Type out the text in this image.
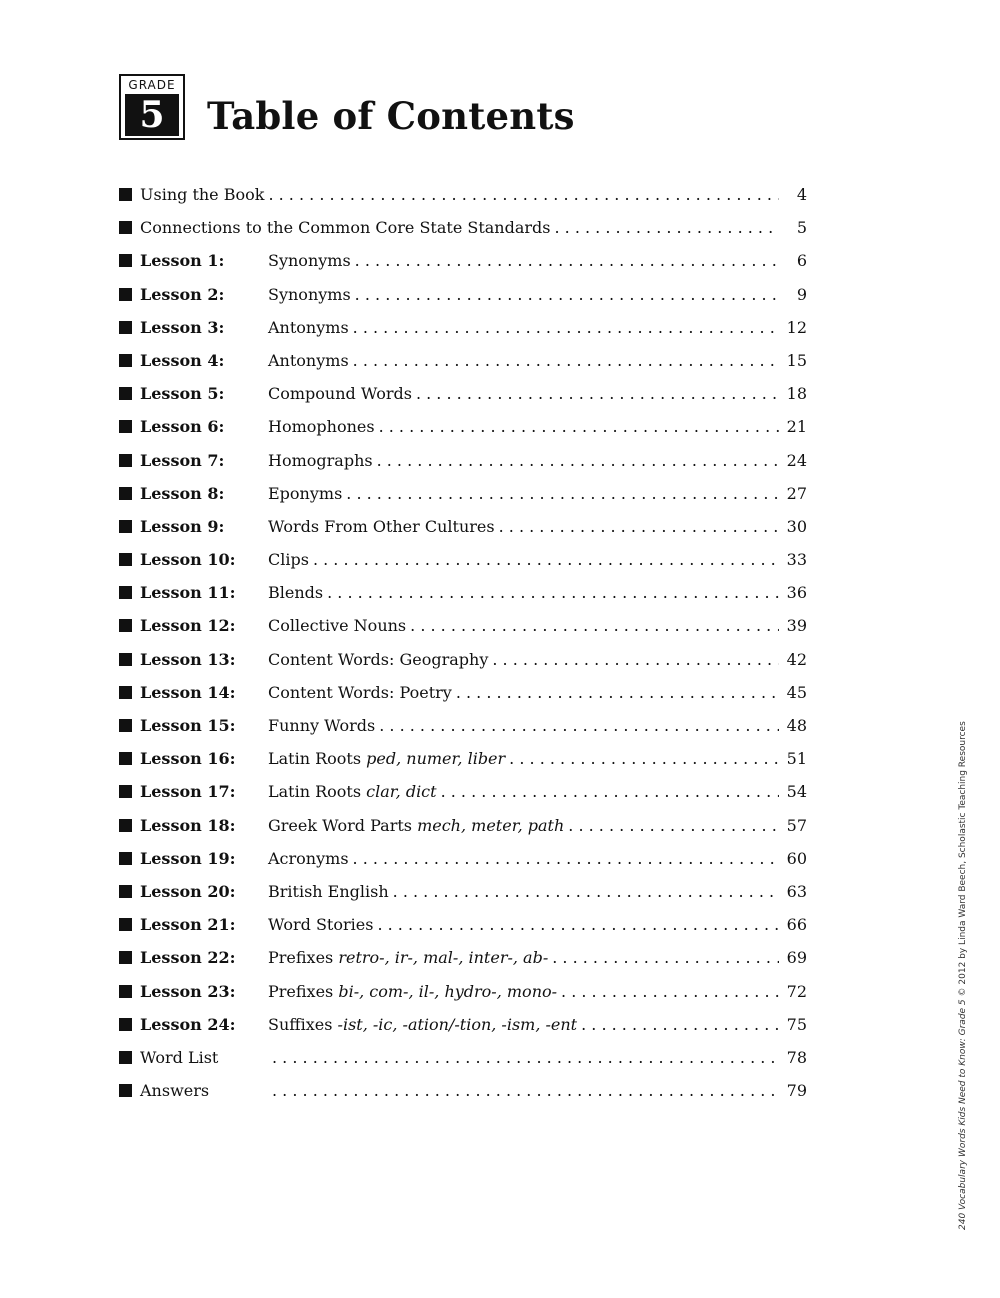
GRADE
5	Table of Contents
Using the Book . . .	4
Connections to the Common Core State Standards . . .	5
Lesson 1:	Synonyms . . .	6
Lesson 2:	Synonyms . . .	9
Lesson 3:	Antonyms . . .	12
Lesson 4:	Antonyms . . .	15
Lesson 5:	Compound Words . . .	18
Lesson 6:	Homophones . . .	21
Lesson 7:	Homographs . . .	24
Lesson 8:	Eponyms . . .	27
Lesson 9:	Words From Other Cultures . . .	30
Lesson 10:	Clips . . .	33
Lesson 11:	Blends . . .	36
Lesson 12:	Collective Nouns . . .	39
Lesson 13:	Content Words: Geography . . .	42
Lesson 14:	Content Words: Poetry . . .	45
Lesson 15:	Funny Words . . .	48
Lesson 16:	Latin Roots ped, numer, liber . . .	51
Lesson 17:	Latin Roots clar, dict . . .	54
Lesson 18:	Greek Word Parts mech, meter, path . . .	57
Lesson 19:	Acronyms . . .	60
Lesson 20:	British English . . .	63
Lesson 21:	Word Stories . . .	66
Lesson 22:	Prefixes retro-, ir-, mal-, inter-, ab- . . .	69
Lesson 23:	Prefixes bi-, com-, il-, hydro-, mono- . . .	72
Lesson 24:	Suffixes -ist, -ic, -ation/-tion, -ism, -ent . . .	75
Word List . . .	78
Answers . . .	79	240 Vocabulary Words Kids Need to Know: Grade 5 © 2012 by Linda Ward Beech, Scholastic Teaching Resources
